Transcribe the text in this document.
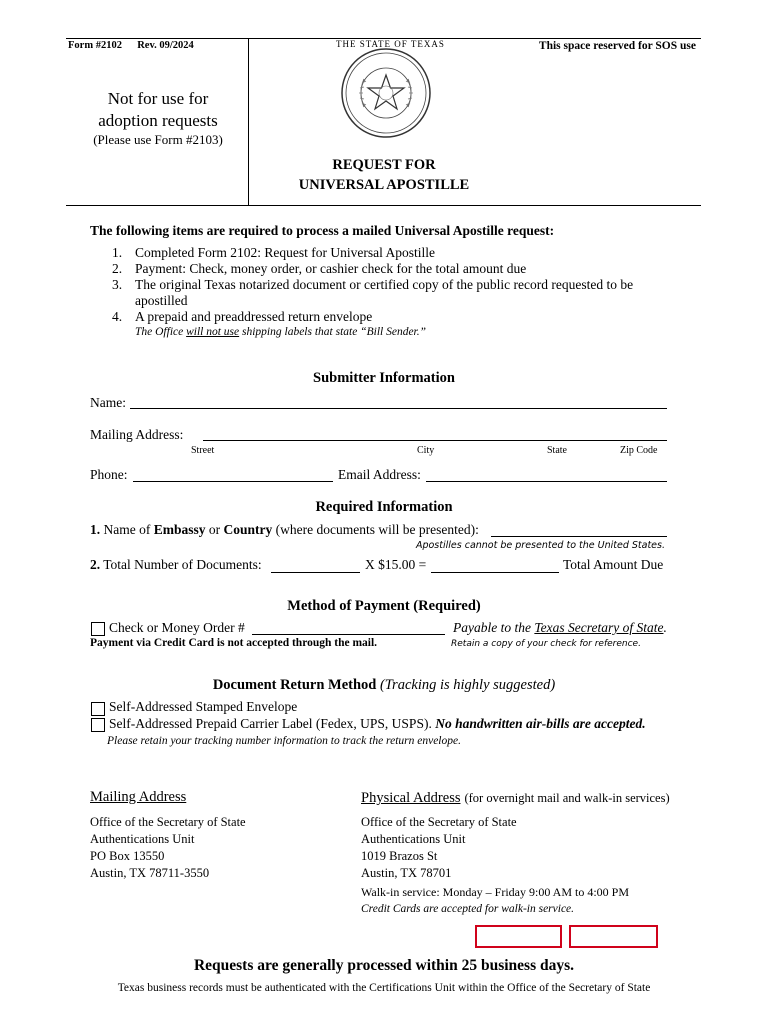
Form #2102 Rev. 09/2024	This space reserved for SOS use
Not for use for
adoption requests
(Please use Form #2103)
THE STATE OF TEXAS
REQUEST FOR
UNIVERSAL APOSTILLE
The following items are required to process a mailed Universal Apostille request:
1. Completed Form 2102: Request for Universal Apostille
2. Payment: Check, money order, or cashier check for the total amount due
3. The original Texas notarized document or certified copy of the public record requested to be
apostilled
4. A prepaid and preaddressed return envelope
The Office will not use shipping labels that state “Bill Sender.”
Submitter Information
Name:
Mailing Address:
Street	City	State	Zip Code
Phone:	Email Address:
Required Information
1. Name of Embassy or Country (where documents will be presented):
Apostilles cannot be presented to the United States.
2. Total Number of Documents:	X $15.00 =	Total Amount Due
Method of Payment (Required)
Check or Money Order #	Payable to the Texas Secretary of State.
Payment via Credit Card is not accepted through the mail.	Retain a copy of your check for reference.
Document Return Method (Tracking is highly suggested)
Self-Addressed Stamped Envelope
Self-Addressed Prepaid Carrier Label (Fedex, UPS, USPS). No handwritten air-bills are accepted.
Please retain your tracking number information to track the return envelope.
Mailing Address
Office of the Secretary of State
Authentications Unit
PO Box 13550
Austin, TX 78711-3550
Physical Address (for overnight mail and walk-in services)
Office of the Secretary of State
Authentications Unit
1019 Brazos St
Austin, TX 78701
Walk-in service: Monday – Friday 9:00 AM to 4:00 PM
Credit Cards are accepted for walk-in service.
Requests are generally processed within 25 business days.
Texas business records must be authenticated with the Certifications Unit within the Office of the Secretary of State
